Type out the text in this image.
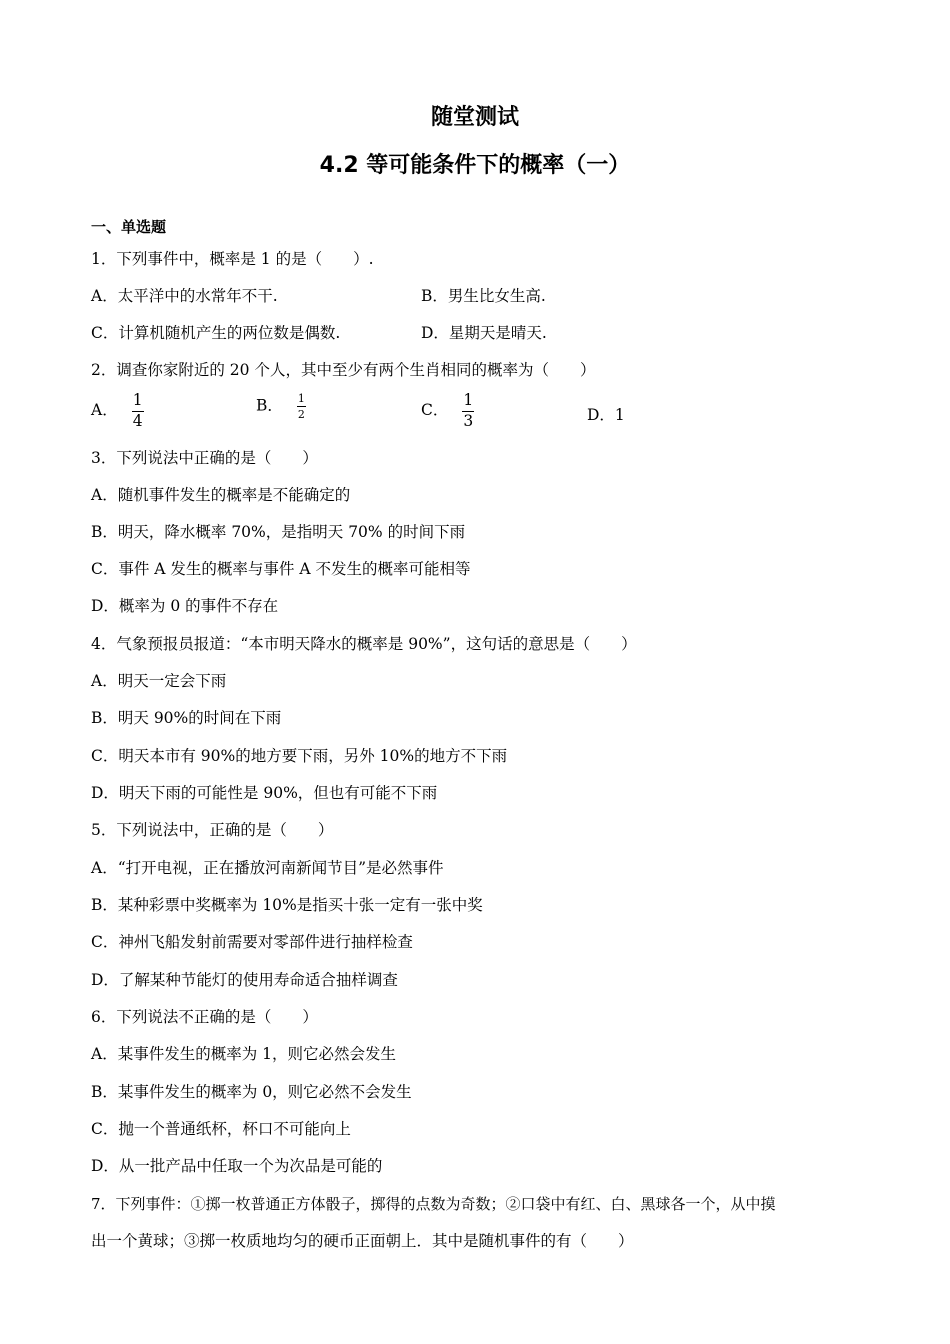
随堂测试
4.2 等可能条件下的概率（一）
一、单选题
1．下列事件中，概率是 1 的是（　　）.
A．太平洋中的水常年不干.	B．男生比女生高.
C．计算机随机产生的两位数是偶数.	D．星期天是晴天.
2．调查你家附近的 20 个人，其中至少有两个生肖相同的概率为（　　）
A． $\frac{1}{4}$	B． $\frac{1}{2}$	C． $\frac{1}{3}$	D．1
3．下列说法中正确的是（　　）
A．随机事件发生的概率是不能确定的
B．明天，降水概率 70%，是指明天 70% 的时间下雨
C．事件 A 发生的概率与事件 A 不发生的概率可能相等
D．概率为 0 的事件不存在
4．气象预报员报道：“本市明天降水的概率是 90%”，这句话的意思是（　　）
A．明天一定会下雨
B．明天 90%的时间在下雨
C．明天本市有 90%的地方要下雨，另外 10%的地方不下雨
D．明天下雨的可能性是 90%，但也有可能不下雨
5．下列说法中，正确的是（　　）
A．“打开电视，正在播放河南新闻节目”是必然事件
B．某种彩票中奖概率为 10%是指买十张一定有一张中奖
C．神州飞船发射前需要对零部件进行抽样检查
D．了解某种节能灯的使用寿命适合抽样调查
6．下列说法不正确的是（　　）
A．某事件发生的概率为 1，则它必然会发生
B．某事件发生的概率为 0，则它必然不会发生
C．抛一个普通纸杯，杯口不可能向上
D．从一批产品中任取一个为次品是可能的
7．下列事件：①掷一枚普通正方体骰子，掷得的点数为奇数；②口袋中有红、白、黑球各一个，从中摸
出一个黄球；③掷一枚质地均匀的硬币正面朝上．其中是随机事件的有（　　）
